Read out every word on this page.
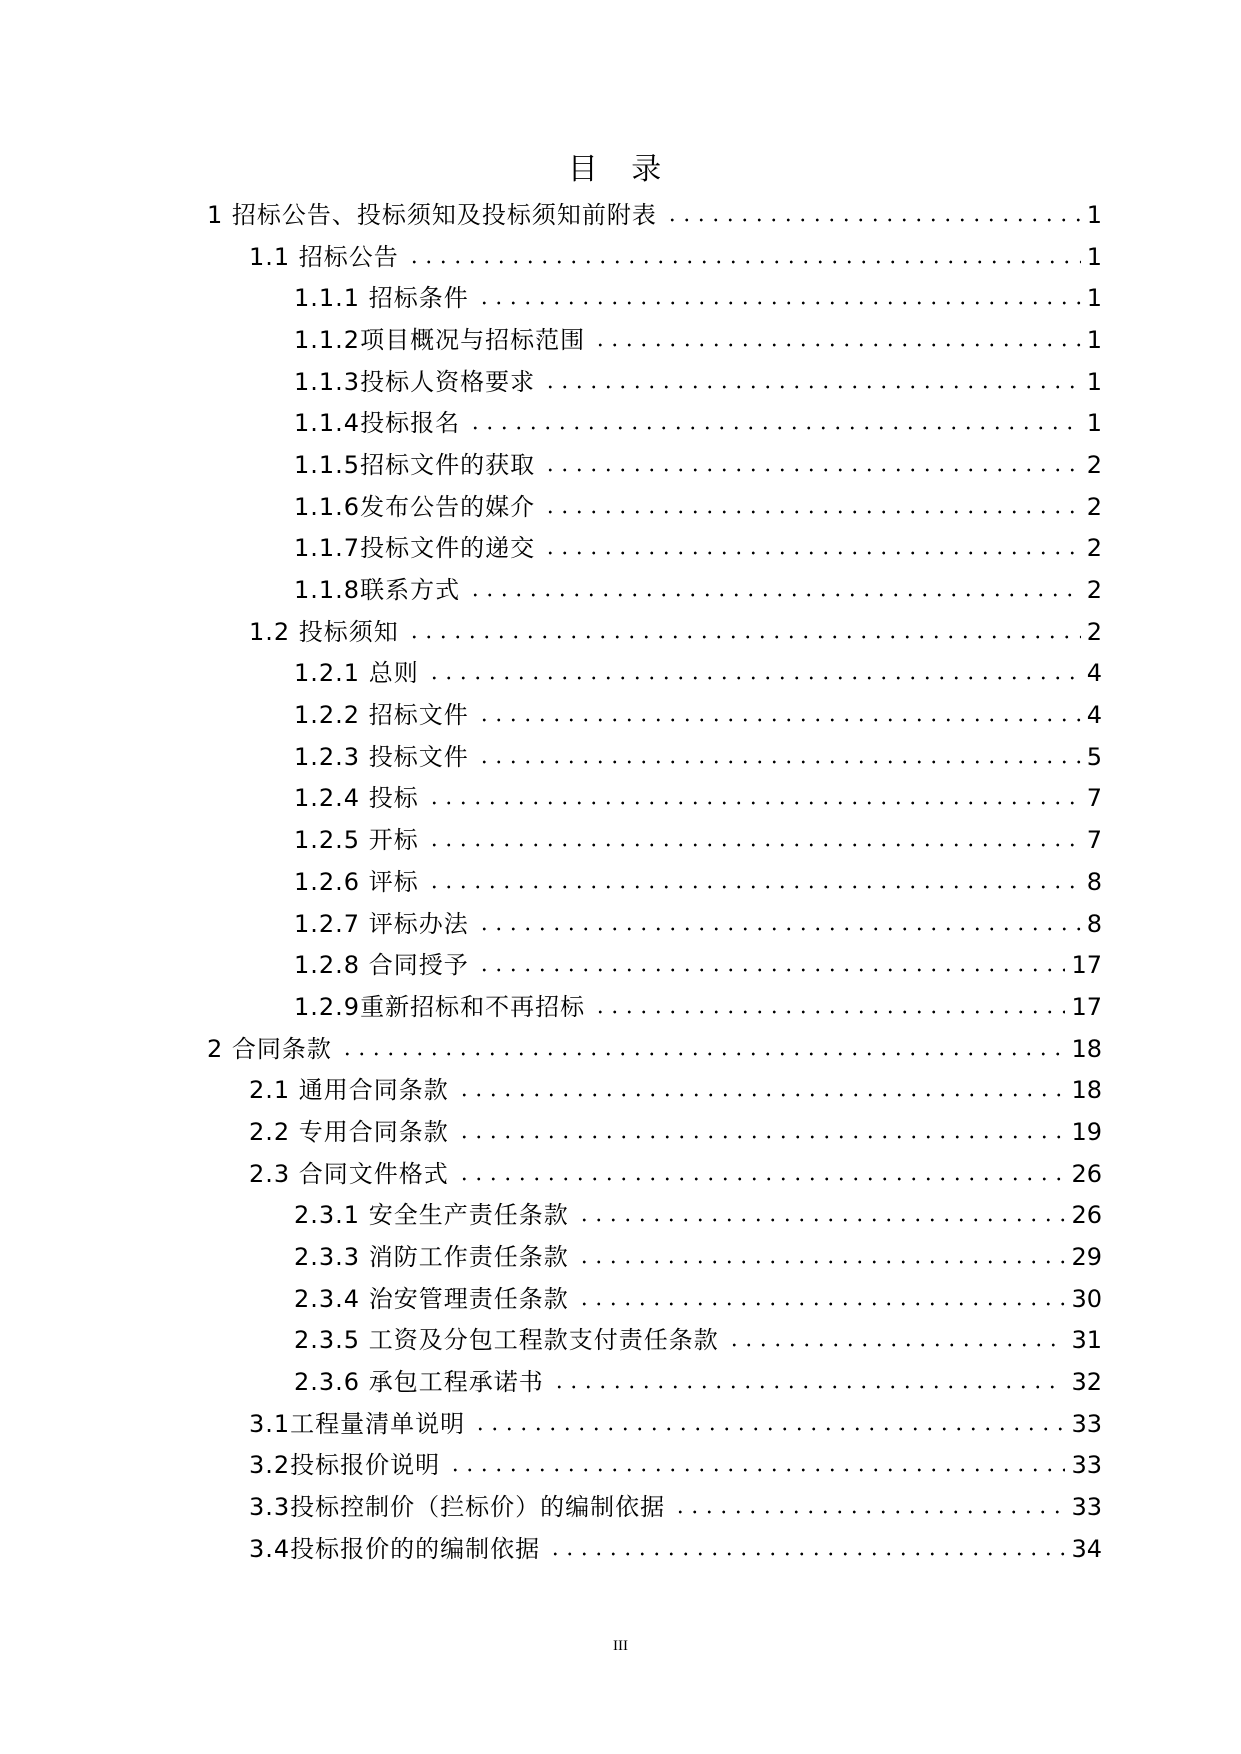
目 录
1 招标公告、投标须知及投标须知前附表	1
1.1 招标公告	1
1.1.1 招标条件	1
1.1.2项目概况与招标范围	1
1.1.3投标人资格要求	1
1.1.4投标报名	1
1.1.5招标文件的获取	2
1.1.6发布公告的媒介	2
1.1.7投标文件的递交	2
1.1.8联系方式	2
1.2 投标须知	2
1.2.1 总则	4
1.2.2 招标文件	4
1.2.3 投标文件	5
1.2.4 投标	7
1.2.5 开标	7
1.2.6 评标	8
1.2.7 评标办法	8
1.2.8 合同授予	17
1.2.9重新招标和不再招标	17
2 合同条款	18
2.1 通用合同条款	18
2.2 专用合同条款	19
2.3 合同文件格式	26
2.3.1 安全生产责任条款	26
2.3.3 消防工作责任条款	29
2.3.4 治安管理责任条款	30
2.3.5 工资及分包工程款支付责任条款	31
2.3.6 承包工程承诺书	32
3.1工程量清单说明	33
3.2投标报价说明	33
3.3投标控制价（拦标价）的编制依据	33
3.4投标报价的的编制依据	34
III
